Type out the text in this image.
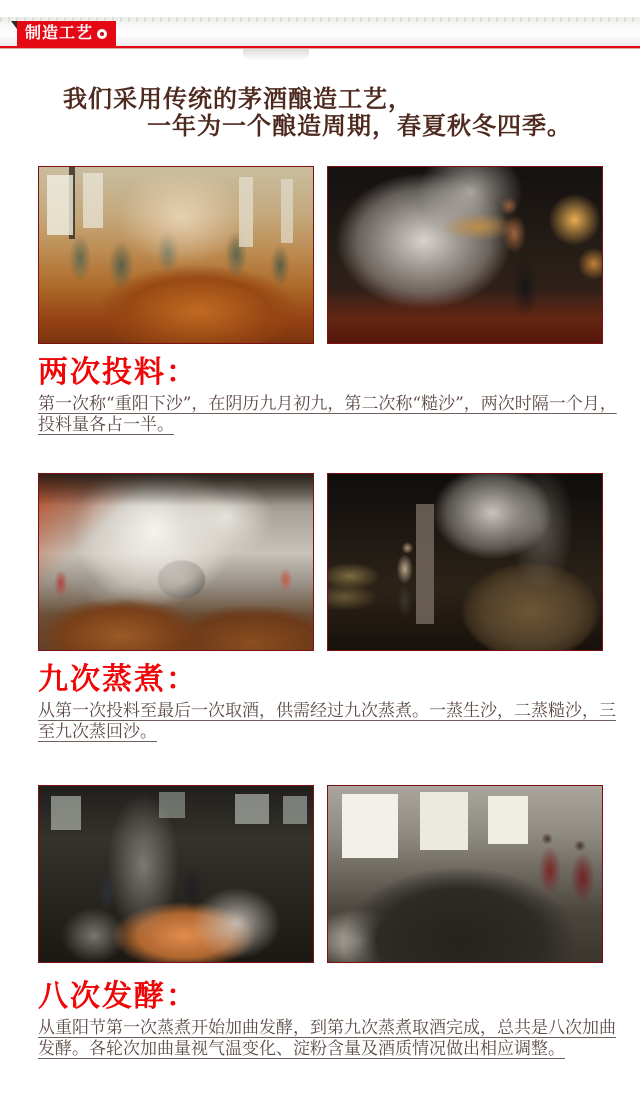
制造工艺
我们采用传统的茅酒酿造工艺，
一年为一个酿造周期，春夏秋冬四季。
两次投料：

第一次称“重阳下沙”，在阴历九月初九，第二次称“糙沙”，两次时隔一个月，投料量各占一半。

九次蒸煮：

从第一次投料至最后一次取酒，供需经过九次蒸煮。一蒸生沙，二蒸糙沙，三至九次蒸回沙。

八次发酵：

从重阳节第一次蒸煮开始加曲发酵，到第九次蒸煮取酒完成，总共是八次加曲发酵。各轮次加曲量视气温变化、淀粉含量及酒质情况做出相应调整。
